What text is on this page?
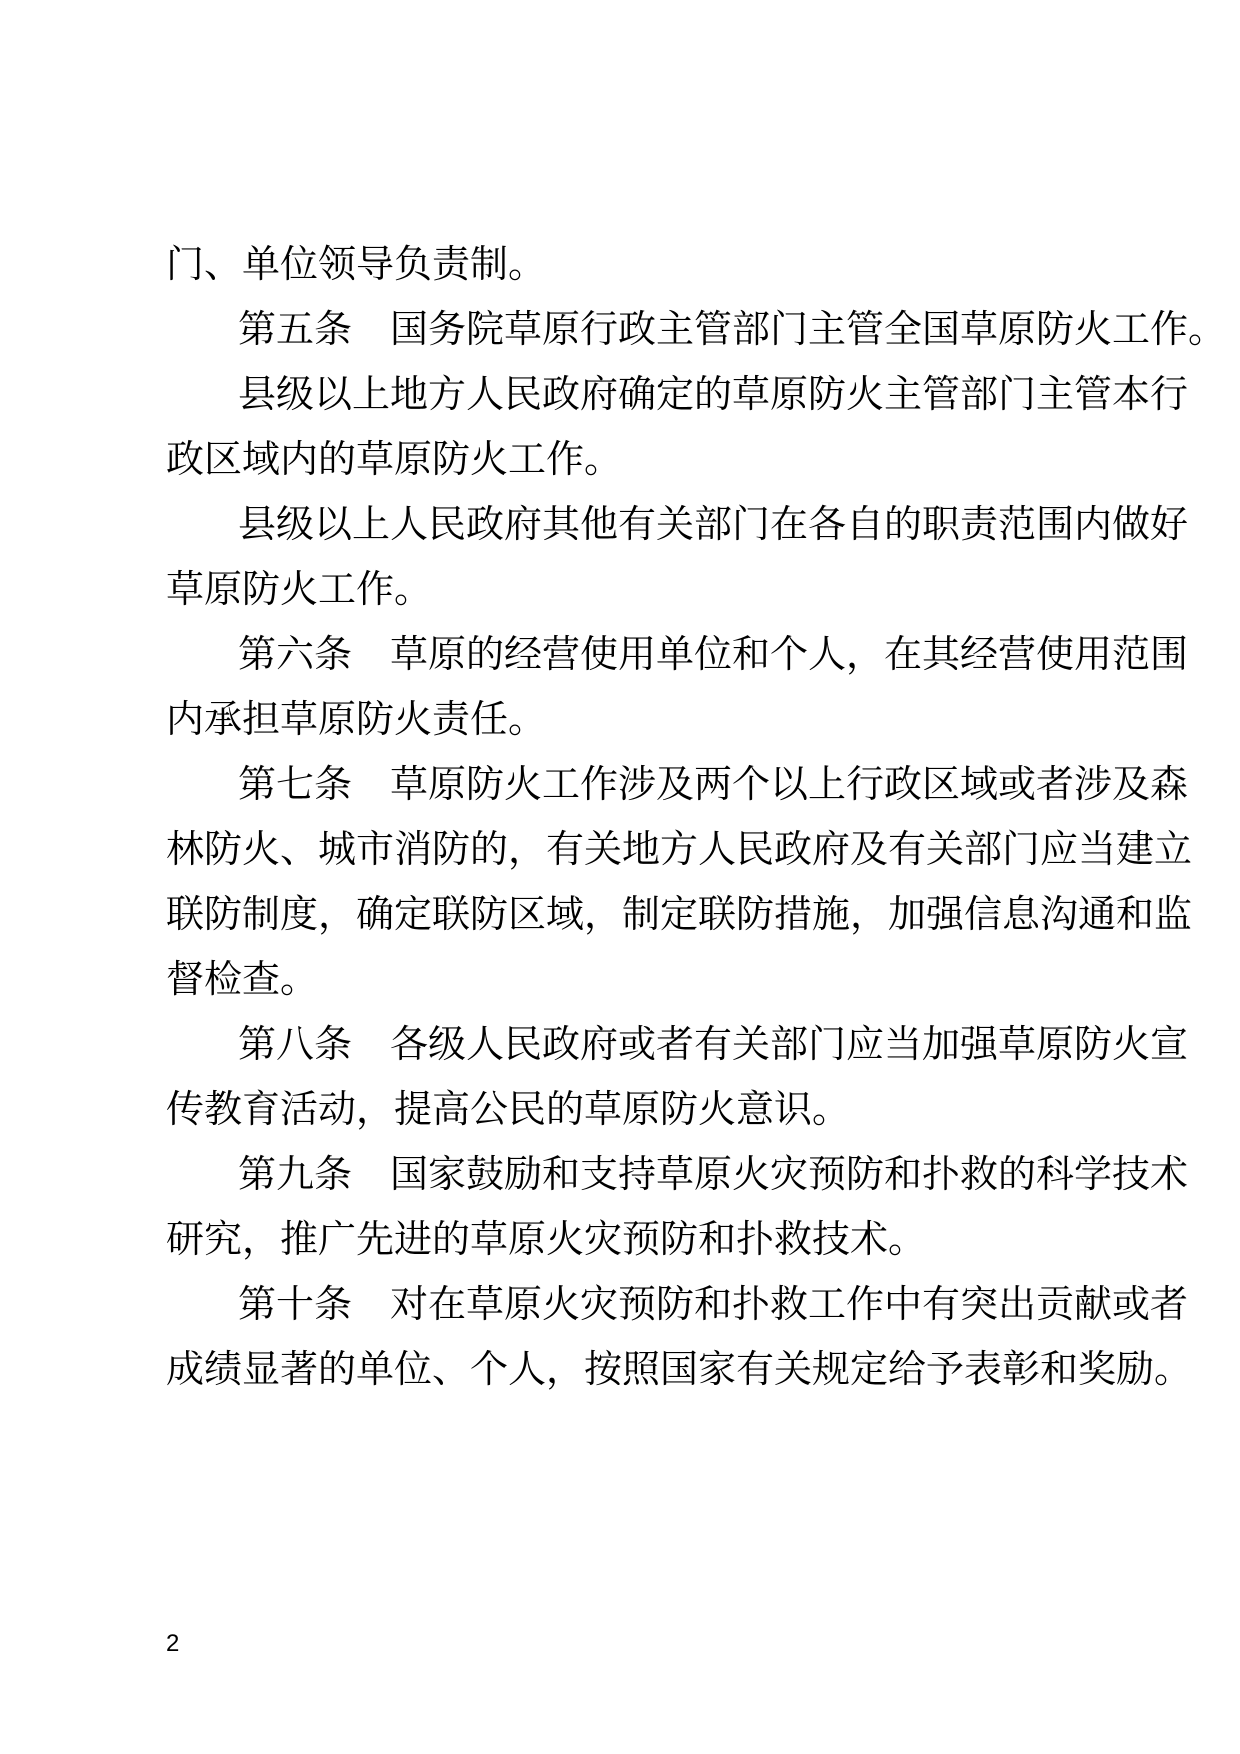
门、单位领导负责制。
第五条　国务院草原行政主管部门主管全国草原防火工作。
县级以上地方人民政府确定的草原防火主管部门主管本行
政区域内的草原防火工作。
县级以上人民政府其他有关部门在各自的职责范围内做好
草原防火工作。
第六条　草原的经营使用单位和个人，在其经营使用范围
内承担草原防火责任。
第七条　草原防火工作涉及两个以上行政区域或者涉及森
林防火、城市消防的，有关地方人民政府及有关部门应当建立
联防制度，确定联防区域，制定联防措施，加强信息沟通和监
督检查。
第八条　各级人民政府或者有关部门应当加强草原防火宣
传教育活动，提高公民的草原防火意识。
第九条　国家鼓励和支持草原火灾预防和扑救的科学技术
研究，推广先进的草原火灾预防和扑救技术。
第十条　对在草原火灾预防和扑救工作中有突出贡献或者
成绩显著的单位、个人，按照国家有关规定给予表彰和奖励。
2
